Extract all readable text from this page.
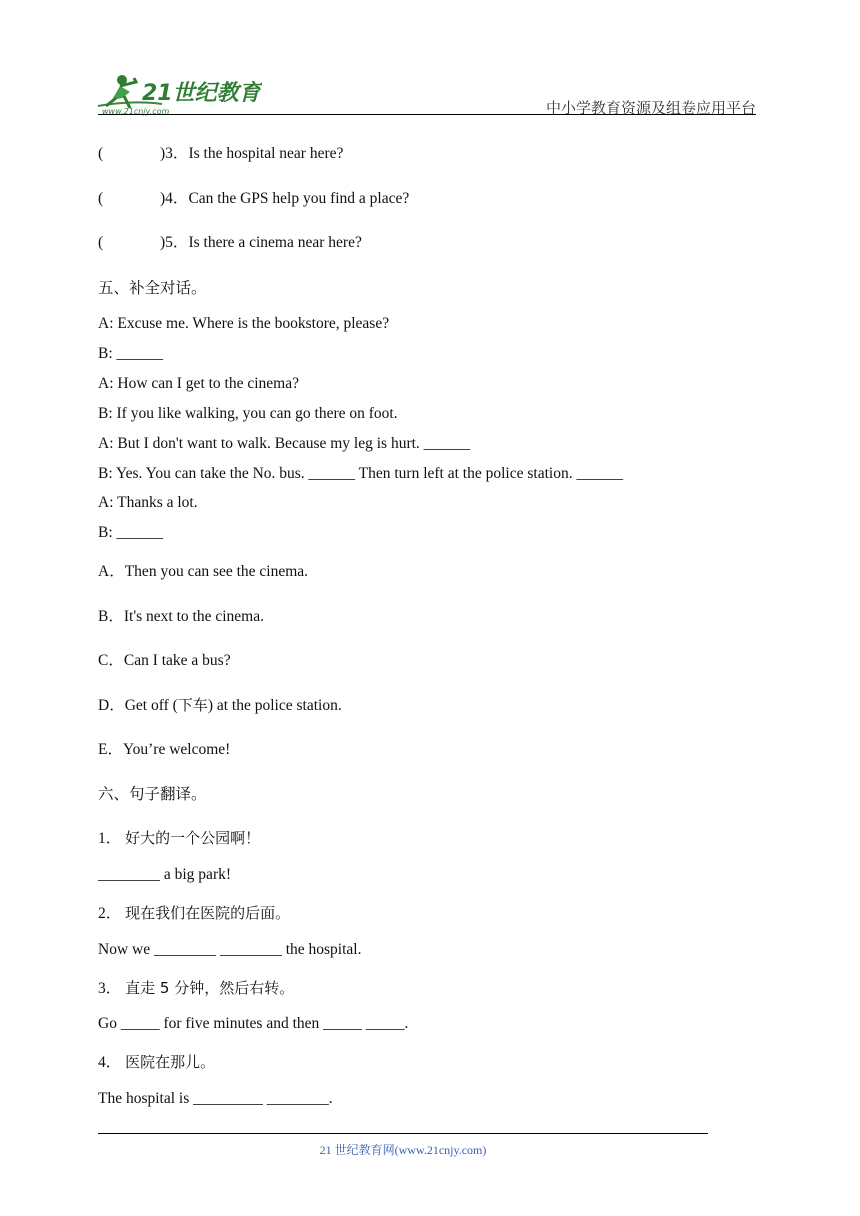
21世纪教育
www.21cnjy.com	中小学教育资源及组卷应用平台
(	)3．Is the hospital near here?
(	)4．Can the GPS help you find a place?
(	)5．Is there a cinema near here?
五、补全对话。
A: Excuse me. Where is the bookstore, please?
B: ______
A: How can I get to the cinema?
B: If you like walking, you can go there on foot.
A: But I don't want to walk. Because my leg is hurt. ______
B: Yes. You can take the No. bus. ______ Then turn left at the police station. ______
A: Thanks a lot.
B: ______
A．Then you can see the cinema.
B．It's next to the cinema.
C．Can I take a bus?
D．Get off (下车) at the police station.
E．You’re welcome!
六、句子翻译。
1． 好大的一个公园啊！
________ a big park!
2． 现在我们在医院的后面。
Now we ________ ________ the hospital.
3． 直走 5 分钟，然后右转。
Go _____ for five minutes and then _____ _____.
4． 医院在那儿。
The hospital is _________ ________.
21 世纪教育网(www.21cnjy.com)
